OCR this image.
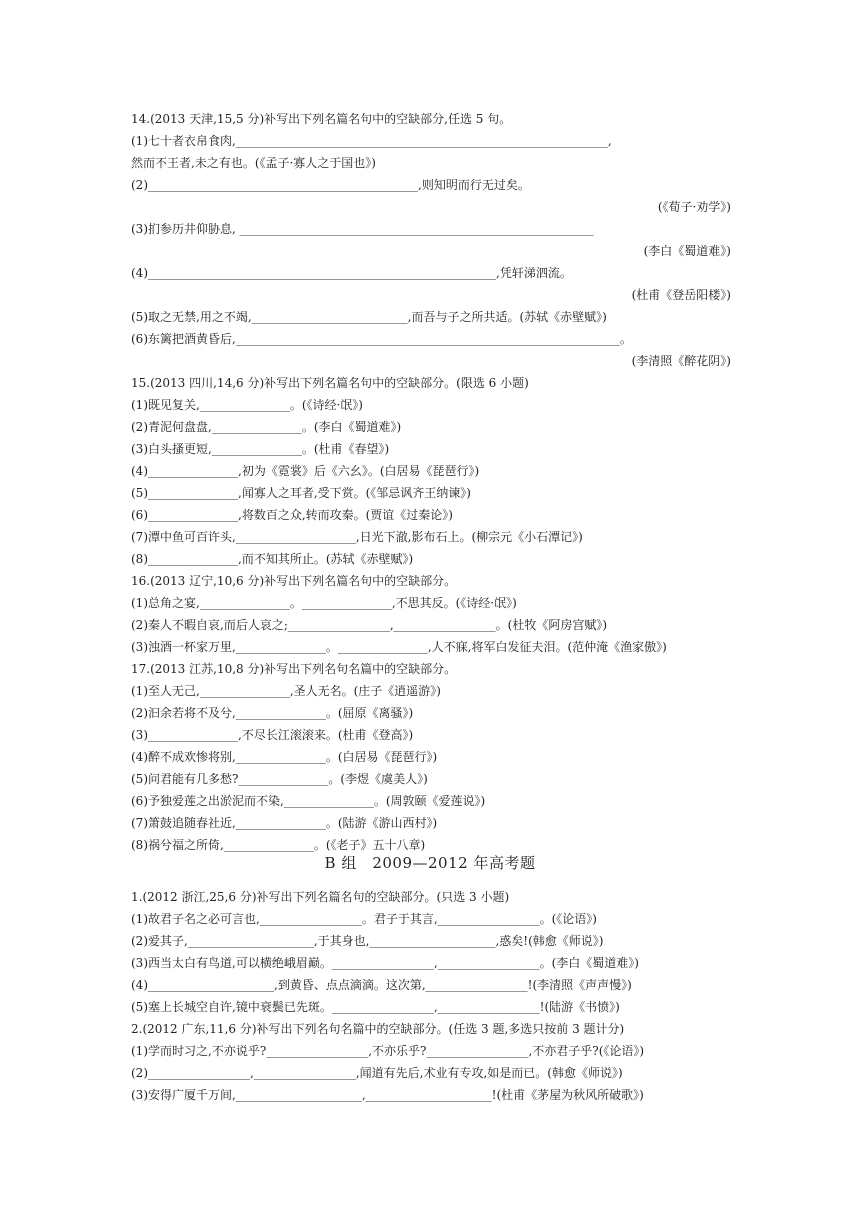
B 组　2009—2012 年高考题
14.(2013 天津,15,5 分)补写出下列名篇名句中的空缺部分,任选 5 句。
(1)七十者衣帛食肉,______________________________________________________________,
然而不王者,未之有也。(《孟子·寡人之于国也》)
(2)_____________________________________________,则知明而行无过矣。
(《荀子·劝学》)
(3)扪参历井仰胁息, ___________________________________________________________
(李白《蜀道难》)
(4)__________________________________________________________,凭轩涕泗流。
(杜甫《登岳阳楼》)
(5)取之无禁,用之不竭,__________________________,而吾与子之所共适。(苏轼《赤壁赋》)
(6)东篱把酒黄昏后,________________________________________________________________。
(李清照《醉花阴》)
15.(2013 四川,14,6 分)补写出下列名篇名句中的空缺部分。(限选 6 小题)
(1)既见复关,_______________。(《诗经·氓》)
(2)青泥何盘盘,_______________。(李白《蜀道难》)
(3)白头搔更短,_______________。(杜甫《春望》)
(4)_______________,初为《霓裳》后《六幺》。(白居易《琵琶行》)
(5)_______________,闻寡人之耳者,受下赏。(《邹忌讽齐王纳谏》)
(6)_______________,将数百之众,转而攻秦。(贾谊《过秦论》)
(7)潭中鱼可百许头,____________________,日光下澈,影布石上。(柳宗元《小石潭记》)
(8)_______________,而不知其所止。(苏轼《赤壁赋》)
16.(2013 辽宁,10,6 分)补写出下列名篇名句中的空缺部分。
(1)总角之宴,_______________。_______________,不思其反。(《诗经·氓》)
(2)秦人不暇自哀,而后人哀之;_________________,_________________。(杜牧《阿房宫赋》)
(3)浊酒一杯家万里,_______________。_______________,人不寐,将军白发征夫泪。(范仲淹《渔家傲》)
17.(2013 江苏,10,8 分)补写出下列名句名篇中的空缺部分。
(1)至人无己,_______________,圣人无名。(庄子《逍遥游》)
(2)汩余若将不及兮,_______________。(屈原《离骚》)
(3)_______________,不尽长江滚滚来。(杜甫《登高》)
(4)醉不成欢惨将别,_______________。(白居易《琵琶行》)
(5)问君能有几多愁?_______________。(李煜《虞美人》)
(6)予独爱莲之出淤泥而不染,_______________。(周敦颐《爱莲说》)
(7)箫鼓追随春社近,_______________。(陆游《游山西村》)
(8)祸兮福之所倚,_______________。(《老子》五十八章)
1.(2012 浙江,25,6 分)补写出下列名篇名句的空缺部分。(只选 3 小题)
(1)故君子名之必可言也,_________________。君子于其言,_________________。(《论语》)
(2)爱其子,_____________________,于其身也,_____________________,惑矣!(韩愈《师说》)
(3)西当太白有鸟道,可以横绝峨眉巅。_________________,_________________。(李白《蜀道难》)
(4)_____________________,到黄昏、点点滴滴。这次第,_________________!(李清照《声声慢》)
(5)塞上长城空自许,镜中衰鬓已先斑。_________________,_________________!(陆游《书愤》)
2.(2012 广东,11,6 分)补写出下列名句名篇中的空缺部分。(任选 3 题,多选只按前 3 题计分)
(1)学而时习之,不亦说乎?_________________,不亦乐乎?_________________,不亦君子乎?(《论语》)
(2)_________________,_________________,闻道有先后,术业有专攻,如是而已。(韩愈《师说》)
(3)安得广厦千万间,_____________________,_____________________!(杜甫《茅屋为秋风所破歌》)
